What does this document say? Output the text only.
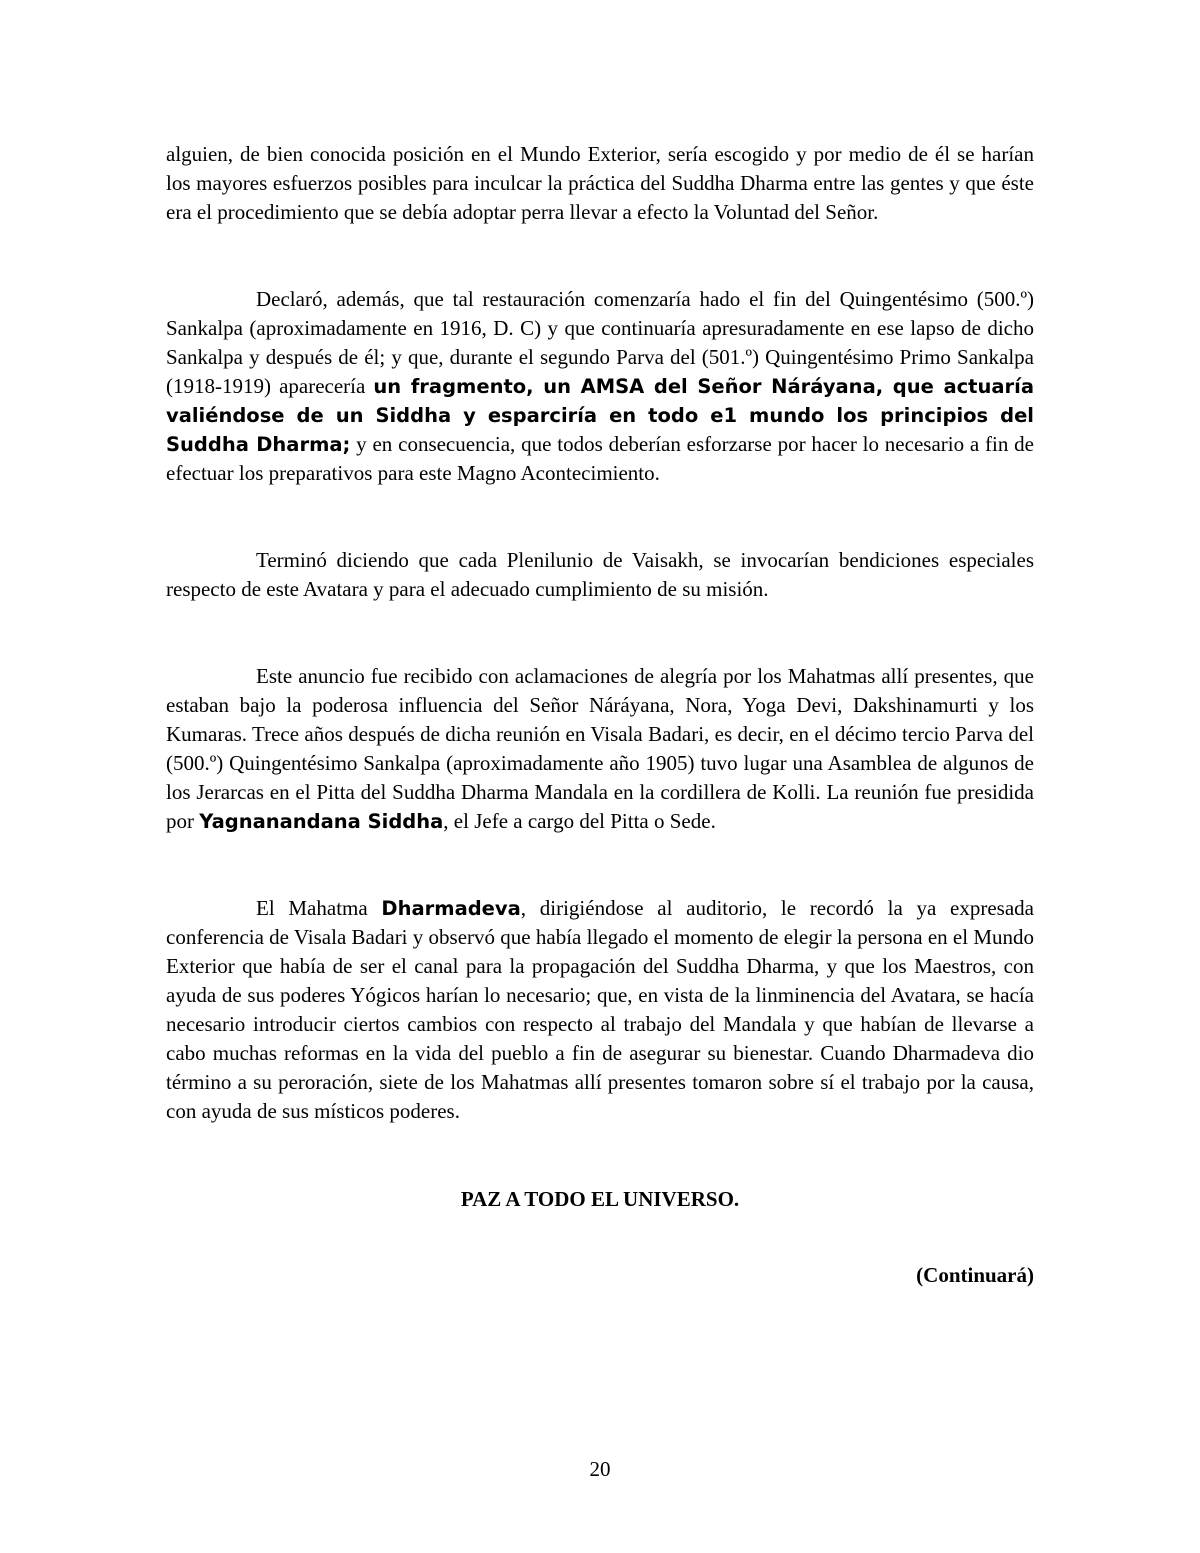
alguien, de bien conocida posición en el Mundo Exterior, sería escogido y por medio de él se harían los mayores esfuerzos posibles para inculcar la práctica del Suddha Dharma entre las gentes y que éste era el procedimiento que se debía adoptar perra llevar a efecto la Voluntad del Señor.

Declaró, además, que tal restauración comenzaría hado el fin del Quingentésimo (500.º) Sankalpa (aproximadamente en 1916, D. C) y que continuaría apresuradamente en ese lapso de dicho Sankalpa y después de él; y que, durante el segundo Parva del (501.º) Quingentésimo Primo Sankalpa (1918-1919) aparecería un fragmento, un AMSA del Señor Náráyana, que actuaría valiéndose de un Siddha y esparciría en todo e1 mundo los principios del Suddha Dharma; y en consecuencia, que todos deberían esforzarse por hacer lo necesario a fin de efectuar los preparativos para este Magno Acontecimiento.

Terminó diciendo que cada Plenilunio de Vaisakh, se invocarían bendiciones especiales respecto de este Avatara y para el adecuado cumplimiento de su misión.

Este anuncio fue recibido con aclamaciones de alegría por los Mahatmas allí presentes, que estaban bajo la poderosa influencia del Señor Náráyana, Nora, Yoga Devi, Dakshinamurti y los Kumaras. Trece años después de dicha reunión en Visala Badari, es decir, en el décimo tercio Parva del (500.º) Quingentésimo Sankalpa (aproximadamente año 1905) tuvo lugar una Asamblea de algunos de los Jerarcas en el Pitta del Suddha Dharma Mandala en la cordillera de Kolli. La reunión fue presidida por Yagnanandana Siddha, el Jefe a cargo del Pitta o Sede.

El Mahatma Dharmadeva, dirigiéndose al auditorio, le recordó la ya expresada conferencia de Visala Badari y observó que había llegado el momento de elegir la persona en el Mundo Exterior que había de ser el canal para la propagación del Suddha Dharma, y que los Maestros, con ayuda de sus poderes Yógicos harían lo necesario; que, en vista de la linminencia del Avatara, se hacía necesario introducir ciertos cambios con respecto al trabajo del Mandala y que habían de llevarse a cabo muchas reformas en la vida del pueblo a fin de asegurar su bienestar. Cuando Dharmadeva dio término a su peroración, siete de los Mahatmas allí presentes tomaron sobre sí el trabajo por la causa, con ayuda de sus místicos poderes.

PAZ A TODO EL UNIVERSO.

(Continuará)

20
